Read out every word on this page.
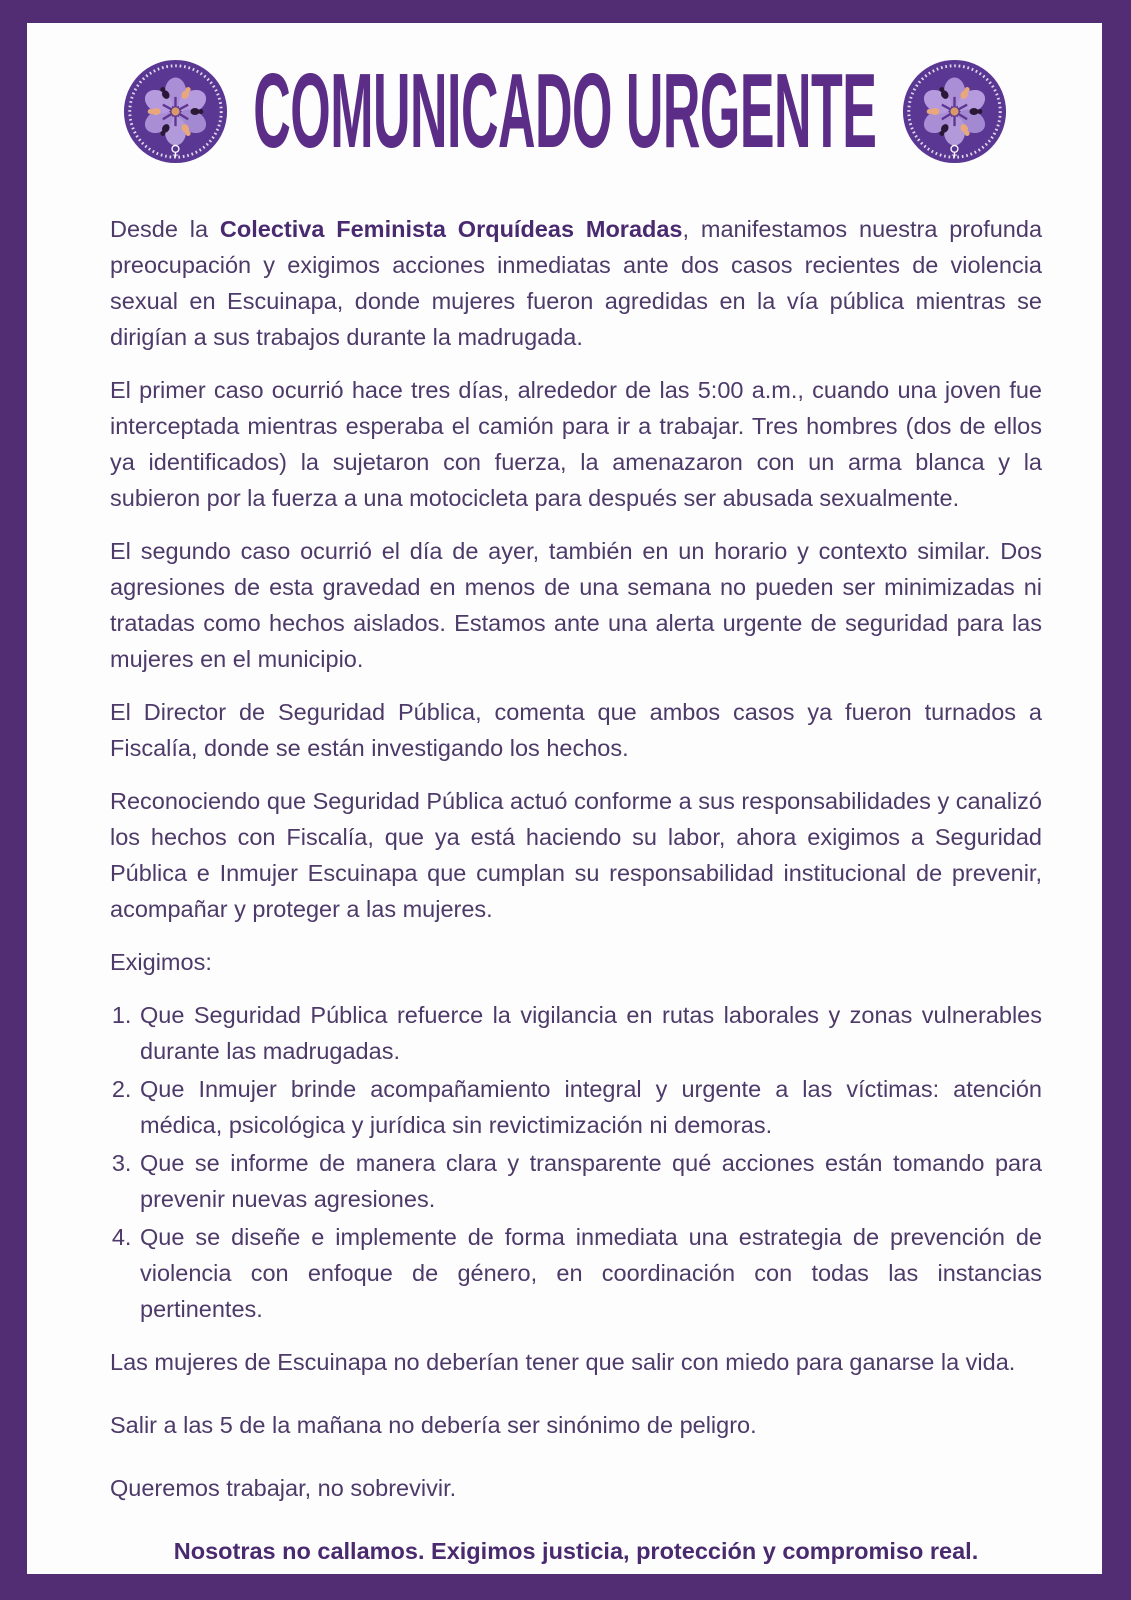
♀ COMUNICADO URGENTE	♀

Desde la Colectiva Feminista Orquídeas Moradas, manifestamos nuestra profunda preocupación y exigimos acciones inmediatas ante dos casos recientes de violencia sexual en Escuinapa, donde mujeres fueron agredidas en la vía pública mientras se dirigían a sus trabajos durante la madrugada.

El primer caso ocurrió hace tres días, alrededor de las 5:00 a.m., cuando una joven fue interceptada mientras esperaba el camión para ir a trabajar. Tres hombres (dos de ellos ya identificados) la sujetaron con fuerza, la amenazaron con un arma blanca y la subieron por la fuerza a una motocicleta para después ser abusada sexualmente.

El segundo caso ocurrió el día de ayer, también en un horario y contexto similar. Dos agresiones de esta gravedad en menos de una semana no pueden ser minimizadas ni tratadas como hechos aislados. Estamos ante una alerta urgente de seguridad para las mujeres en el municipio.

El Director de Seguridad Pública, comenta que ambos casos ya fueron turnados a Fiscalía, donde se están investigando los hechos.

Reconociendo que Seguridad Pública actuó conforme a sus responsabilidades y canalizó los hechos con Fiscalía, que ya está haciendo su labor, ahora exigimos a Seguridad Pública e Inmujer Escuinapa que cumplan su responsabilidad institucional de prevenir, acompañar y proteger a las mujeres.

Exigimos:

1. Que Seguridad Pública refuerce la vigilancia en rutas laborales y zonas vulnerables durante las madrugadas.
2. Que Inmujer brinde acompañamiento integral y urgente a las víctimas: atención médica, psicológica y jurídica sin revictimización ni demoras.
3. Que se informe de manera clara y transparente qué acciones están tomando para prevenir nuevas agresiones.
4. Que se diseñe e implemente de forma inmediata una estrategia de prevención de violencia con enfoque de género, en coordinación con todas las instancias pertinentes.

Las mujeres de Escuinapa no deberían tener que salir con miedo para ganarse la vida.

Salir a las 5 de la mañana no debería ser sinónimo de peligro.

Queremos trabajar, no sobrevivir.

Nosotras no callamos. Exigimos justicia, protección y compromiso real.
